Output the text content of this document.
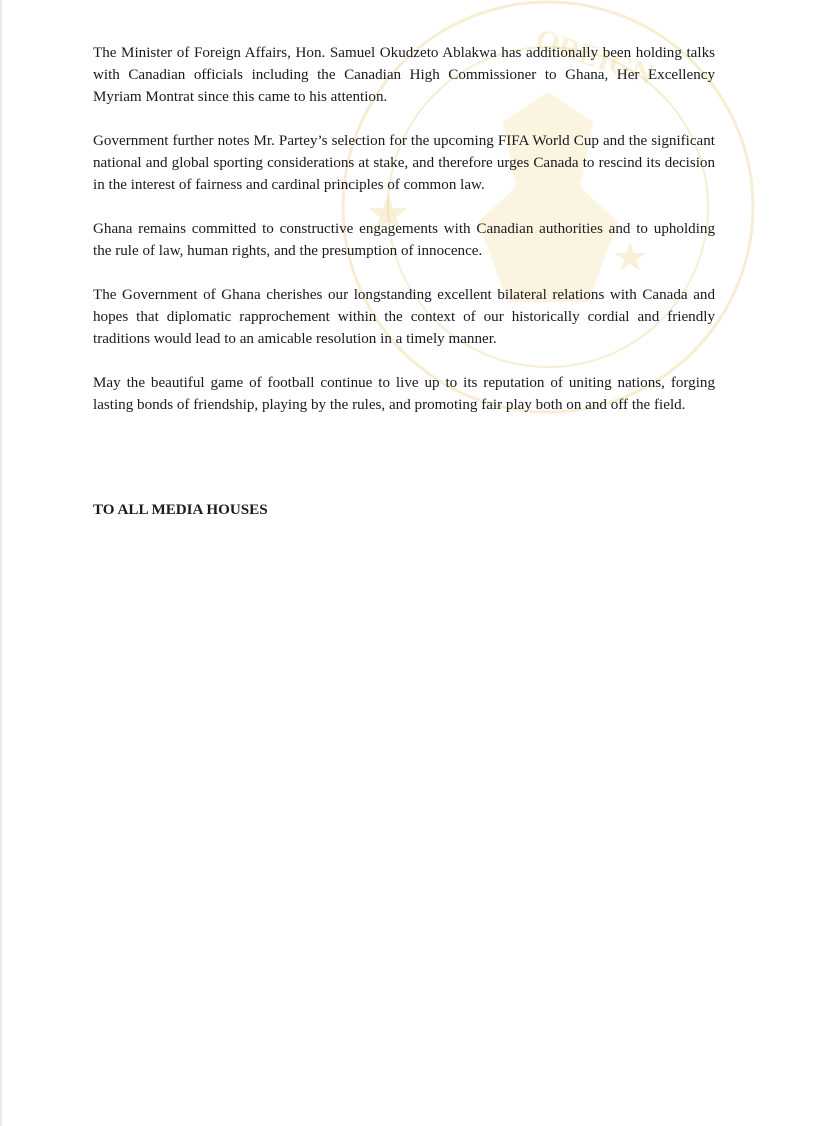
OREIGN

The Minister of Foreign Affairs, Hon. Samuel Okudzeto Ablakwa has additionally been holding talks with Canadian officials including the Canadian High Commissioner to Ghana, Her Excellency Myriam Montrat since this came to his attention.

Government further notes Mr. Partey’s selection for the upcoming FIFA World Cup and the significant national and global sporting considerations at stake, and therefore urges Canada to rescind its decision in the interest of fairness and cardinal principles of common law.

Ghana remains committed to constructive engagements with Canadian authorities and to upholding the rule of law, human rights, and the presumption of innocence.

The Government of Ghana cherishes our longstanding excellent bilateral relations with Canada and hopes that diplomatic rapprochement within the context of our historically cordial and friendly traditions would lead to an amicable resolution in a timely manner.

May the beautiful game of football continue to live up to its reputation of uniting nations, forging lasting bonds of friendship, playing by the rules, and promoting fair play both on and off the field.

TO ALL MEDIA HOUSES
